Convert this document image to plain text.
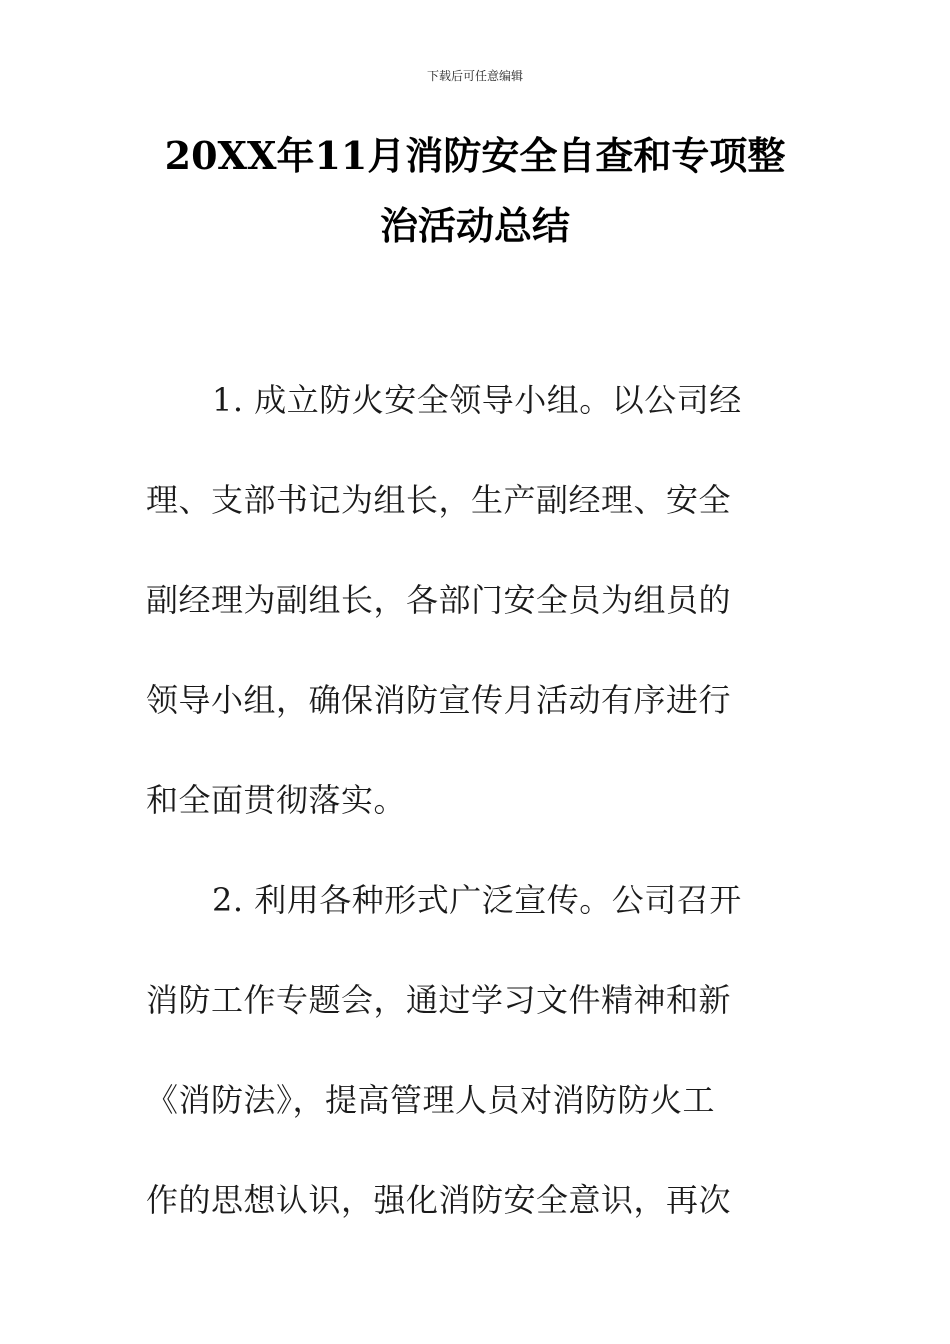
下载后可任意编辑
20XX年11月消防安全自查和专项整
治活动总结
1. 成立防火安全领导小组。以公司经
理、支部书记为组长，生产副经理、安全
副经理为副组长，各部门安全员为组员的
领导小组，确保消防宣传月活动有序进行
和全面贯彻落实。
2. 利用各种形式广泛宣传。公司召开
消防工作专题会，通过学习文件精神和新
《消防法》，提高管理人员对消防防火工
作的思想认识，强化消防安全意识，再次
